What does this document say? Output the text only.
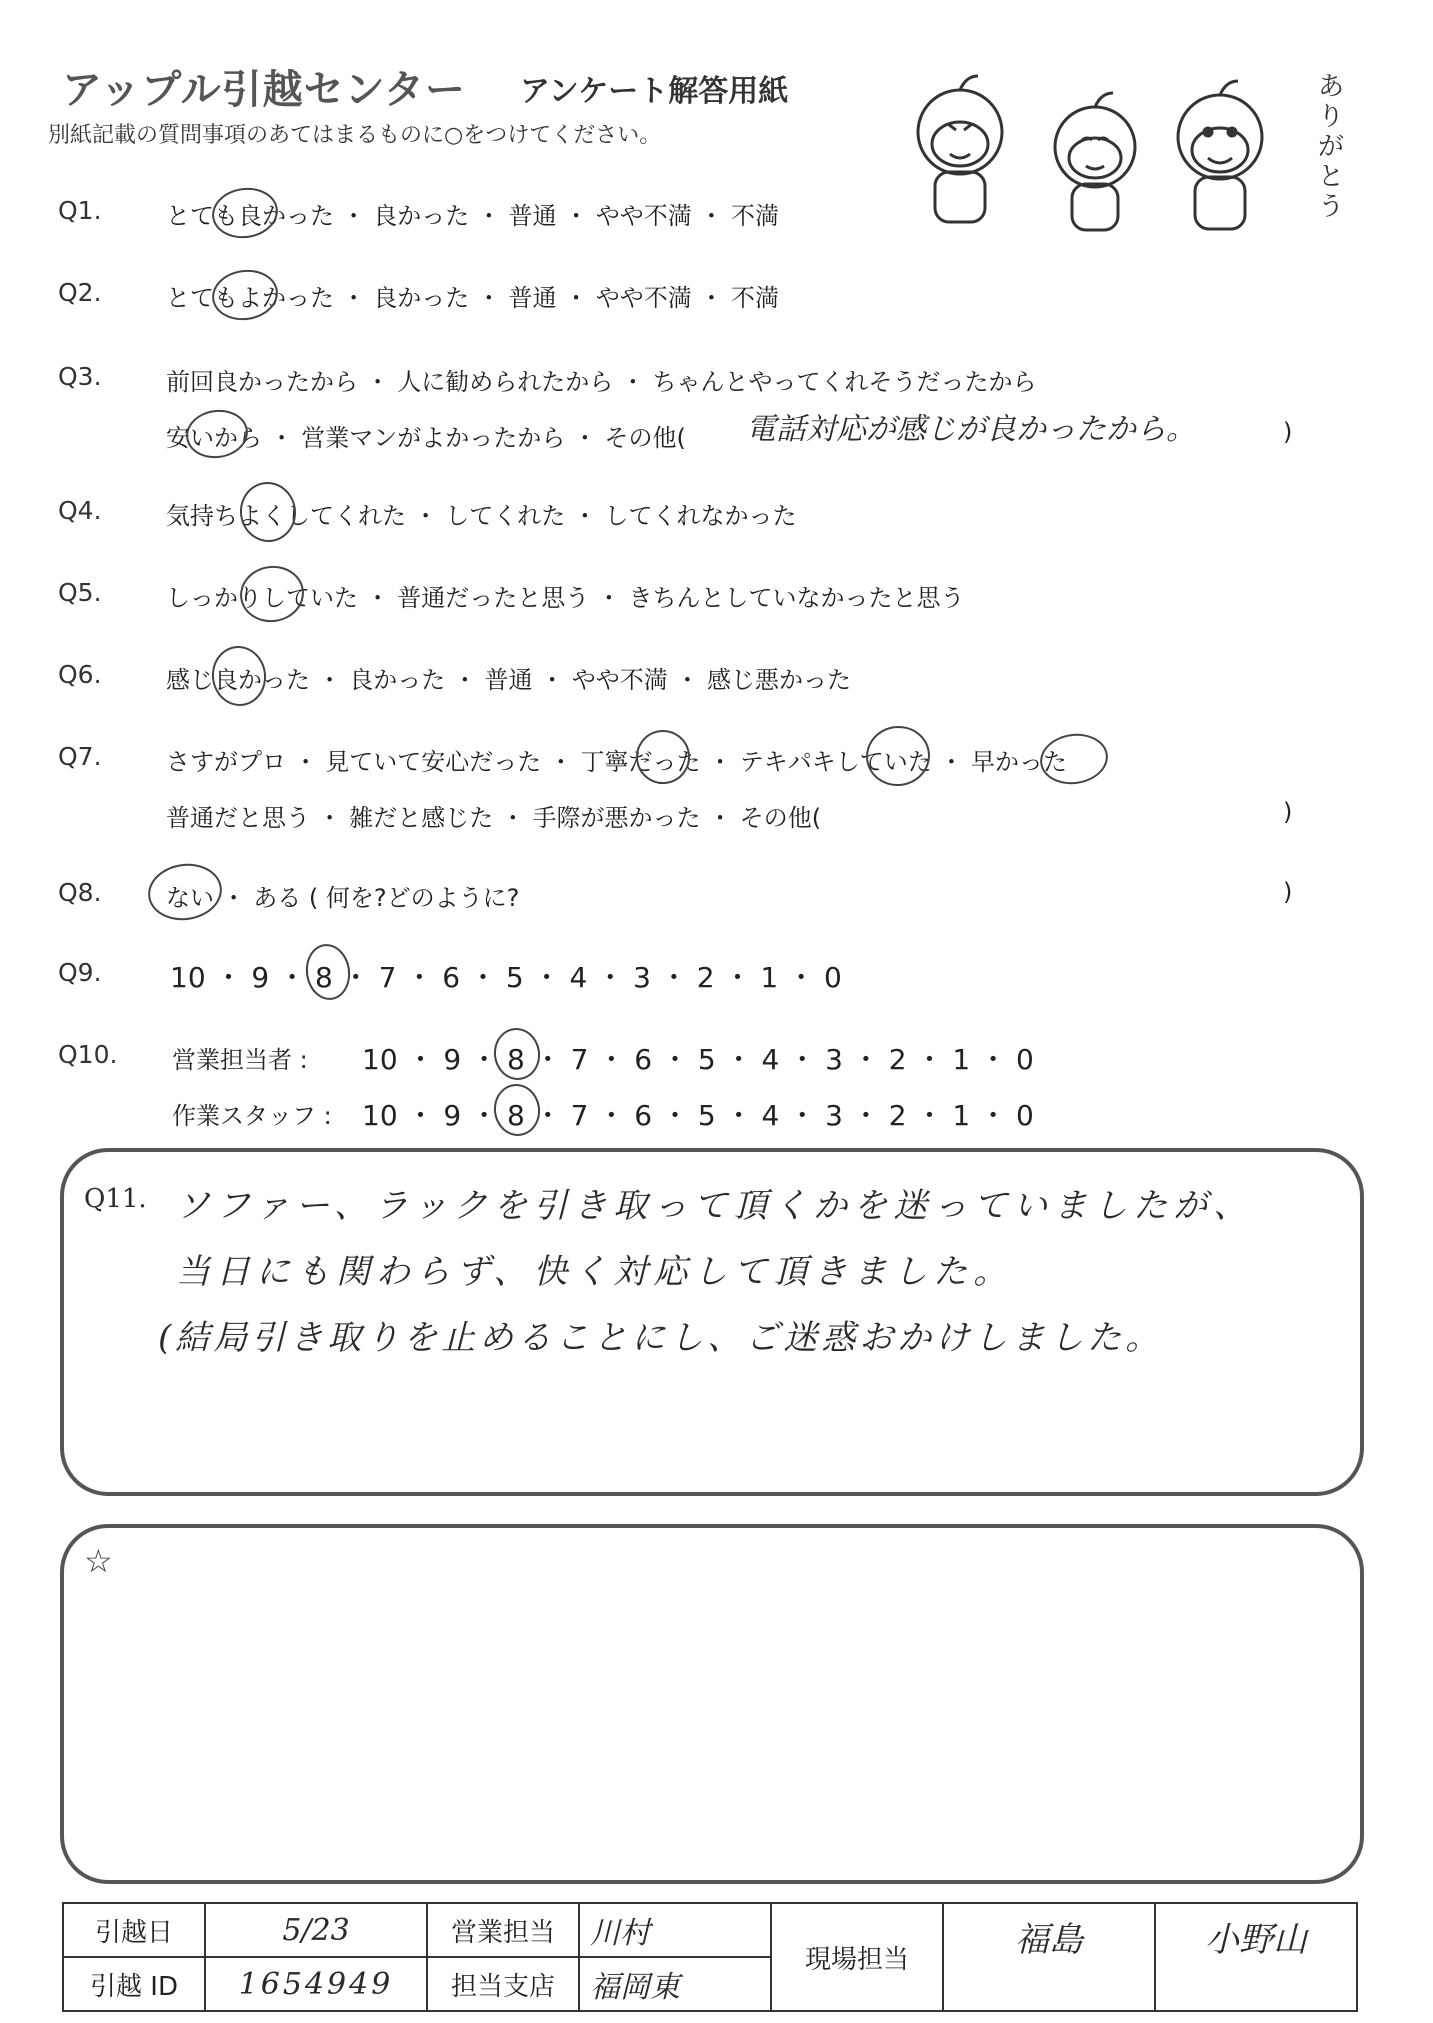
アップル引越センター アンケート解答用紙
別紙記載の質問事項のあてはまるものに○をつけてください。
ありがとう
Q1.	とても良かった ・ 良かった ・ 普通 ・ やや不満 ・ 不満
Q2.	とてもよかった ・ 良かった ・ 普通 ・ やや不満 ・ 不満
Q3.	前回良かったから ・ 人に勧められたから ・ ちゃんとやってくれそうだったから
安いから ・ 営業マンがよかったから ・ その他( 電話対応が感じが良かったから。	)
Q4.	気持ちよくしてくれた ・ してくれた ・ してくれなかった
Q5.	しっかりしていた ・ 普通だったと思う ・ きちんとしていなかったと思う
Q6.	感じ良かった ・ 良かった ・ 普通 ・ やや不満 ・ 感じ悪かった
Q7.	さすがプロ ・ 見ていて安心だった ・ 丁寧だった ・ テキパキしていた ・ 早かった
普通だと思う ・ 雑だと感じた ・ 手際が悪かった ・ その他(	)
Q8.	ない ・ ある ( 何を?どのように?	)
Q9. 10 ・ 9 ・ 8 ・ 7 ・ 6 ・ 5 ・ 4 ・ 3 ・ 2 ・ 1 ・ 0
Q10. 営業担当者 : 10 ・ 9 ・ 8 ・ 7 ・ 6 ・ 5 ・ 4 ・ 3 ・ 2 ・ 1 ・ 0
作業スタッフ : 10 ・ 9 ・ 8 ・ 7 ・ 6 ・ 5 ・ 4 ・ 3 ・ 2 ・ 1 ・ 0
Q11. ソファー、ラックを引き取って頂くかを迷っていましたが、
当日にも関わらず、快く対応して頂きました。
(結局引き取りを止めることにし、ご迷惑おかけしました。
☆
引越日	5/23	営業担当	川村	現場担当	福島	小野山
引越 ID	1654949	担当支店	福岡東			
